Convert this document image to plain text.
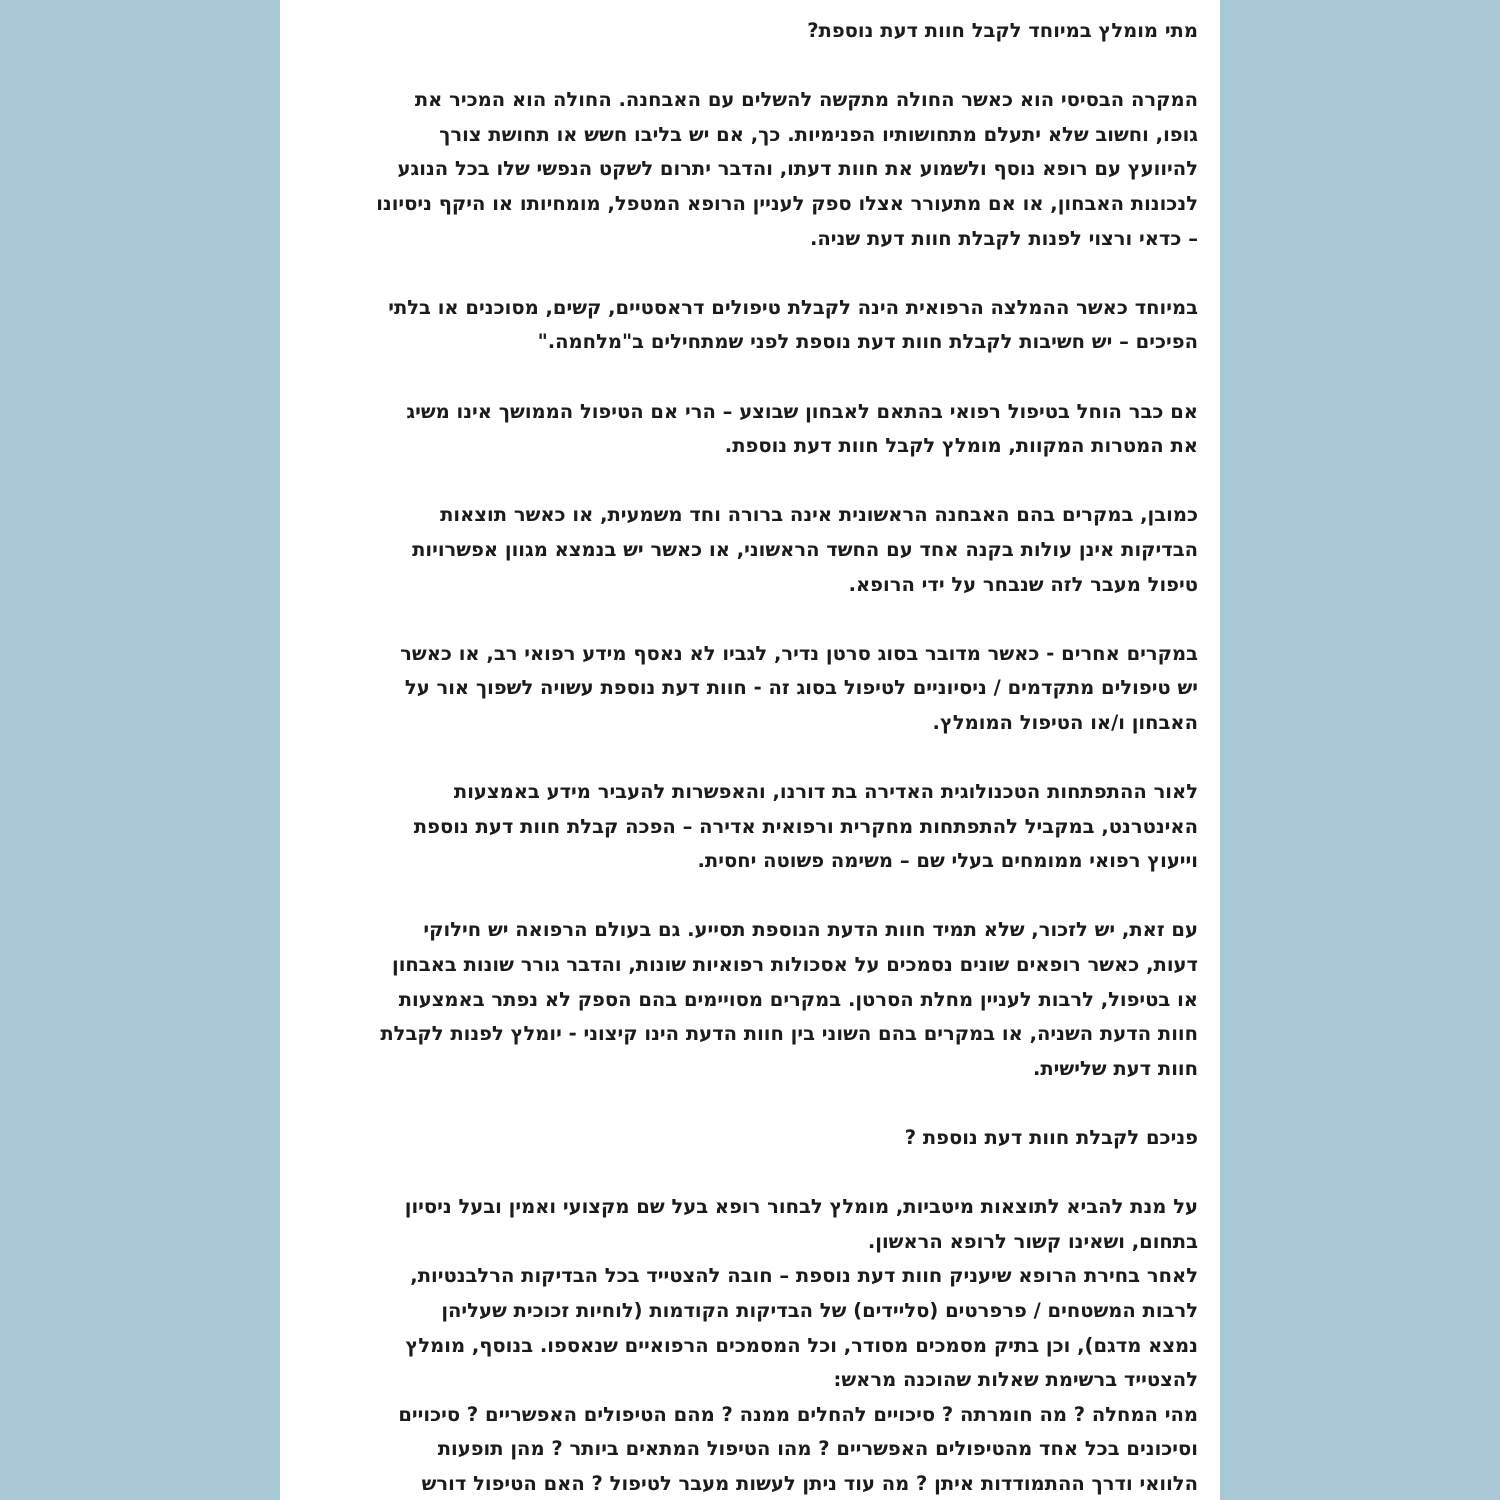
מתי מומלץ במיוחד לקבל חוות דעת נוספת?
המקרה הבסיסי הוא כאשר החולה מתקשה להשלים עם האבחנה. החולה הוא המכיר את
גופו, וחשוב שלא יתעלם מתחושותיו הפנימיות. כך, אם יש בליבו חשש או תחושת צורך
להיוועץ עם רופא נוסף ולשמוע את חוות דעתו, והדבר יתרום לשקט הנפשי שלו בכל הנוגע
לנכונות האבחון, או אם מתעורר אצלו ספק לעניין הרופא המטפל, מומחיותו או היקף ניסיונו
– כדאי ורצוי לפנות לקבלת חוות דעת שניה.
במיוחד כאשר ההמלצה הרפואית הינה לקבלת טיפולים דראסטיים, קשים, מסוכנים או בלתי
הפיכים – יש חשיבות לקבלת חוות דעת נוספת לפני שמתחילים ב"מלחמה."
אם כבר הוחל בטיפול רפואי בהתאם לאבחון שבוצע – הרי אם הטיפול הממושך אינו משיג
את המטרות המקוות, מומלץ לקבל חוות דעת נוספת.
כמובן, במקרים בהם האבחנה הראשונית אינה ברורה וחד משמעית, או כאשר תוצאות
הבדיקות אינן עולות בקנה אחד עם החשד הראשוני, או כאשר יש בנמצא מגוון אפשרויות
טיפול מעבר לזה שנבחר על ידי הרופא.
במקרים אחרים - כאשר מדובר בסוג סרטן נדיר, לגביו לא נאסף מידע רפואי רב, או כאשר
יש טיפולים מתקדמים / ניסיוניים לטיפול בסוג זה - חוות דעת נוספת עשויה לשפוך אור על
האבחון ו/או הטיפול המומלץ.
לאור ההתפתחות הטכנולוגית האדירה בת דורנו, והאפשרות להעביר מידע באמצעות
האינטרנט, במקביל להתפתחות מחקרית ורפואית אדירה – הפכה קבלת חוות דעת נוספת
וייעוץ רפואי ממומחים בעלי שם – משימה פשוטה יחסית.
עם זאת, יש לזכור, שלא תמיד חוות הדעת הנוספת תסייע. גם בעולם הרפואה יש חילוקי
דעות, כאשר רופאים שונים נסמכים על אסכולות רפואיות שונות, והדבר גורר שונות באבחון
או בטיפול, לרבות לעניין מחלת הסרטן. במקרים מסויימים בהם הספק לא נפתר באמצעות
חוות הדעת השניה, או במקרים בהם השוני בין חוות הדעת הינו קיצוני - יומלץ לפנות לקבלת
חוות דעת שלישית.
פניכם לקבלת חוות דעת נוספת ?
על מנת להביא לתוצאות מיטביות, מומלץ לבחור רופא בעל שם מקצועי ואמין ובעל ניסיון
בתחום, ושאינו קשור לרופא הראשון.
לאחר בחירת הרופא שיעניק חוות דעת נוספת – חובה להצטייד בכל הבדיקות הרלבנטיות,
לרבות המשטחים / פרפרטים (סליידים) של הבדיקות הקודמות (לוחיות זכוכית שעליהן
נמצא מדגם), וכן בתיק מסמכים מסודר, וכל המסמכים הרפואיים שנאספו. בנוסף, מומלץ
להצטייד ברשימת שאלות שהוכנה מראש:
מהי המחלה ? מה חומרתה ? סיכויים להחלים ממנה ? מהם הטיפולים האפשריים ? סיכויים
וסיכונים בכל אחד מהטיפולים האפשריים ? מהו הטיפול המתאים ביותר ? מהן תופעות
הלוואי ודרך ההתמודדות איתן ? מה עוד ניתן לעשות מעבר לטיפול ? האם הטיפול דורש
